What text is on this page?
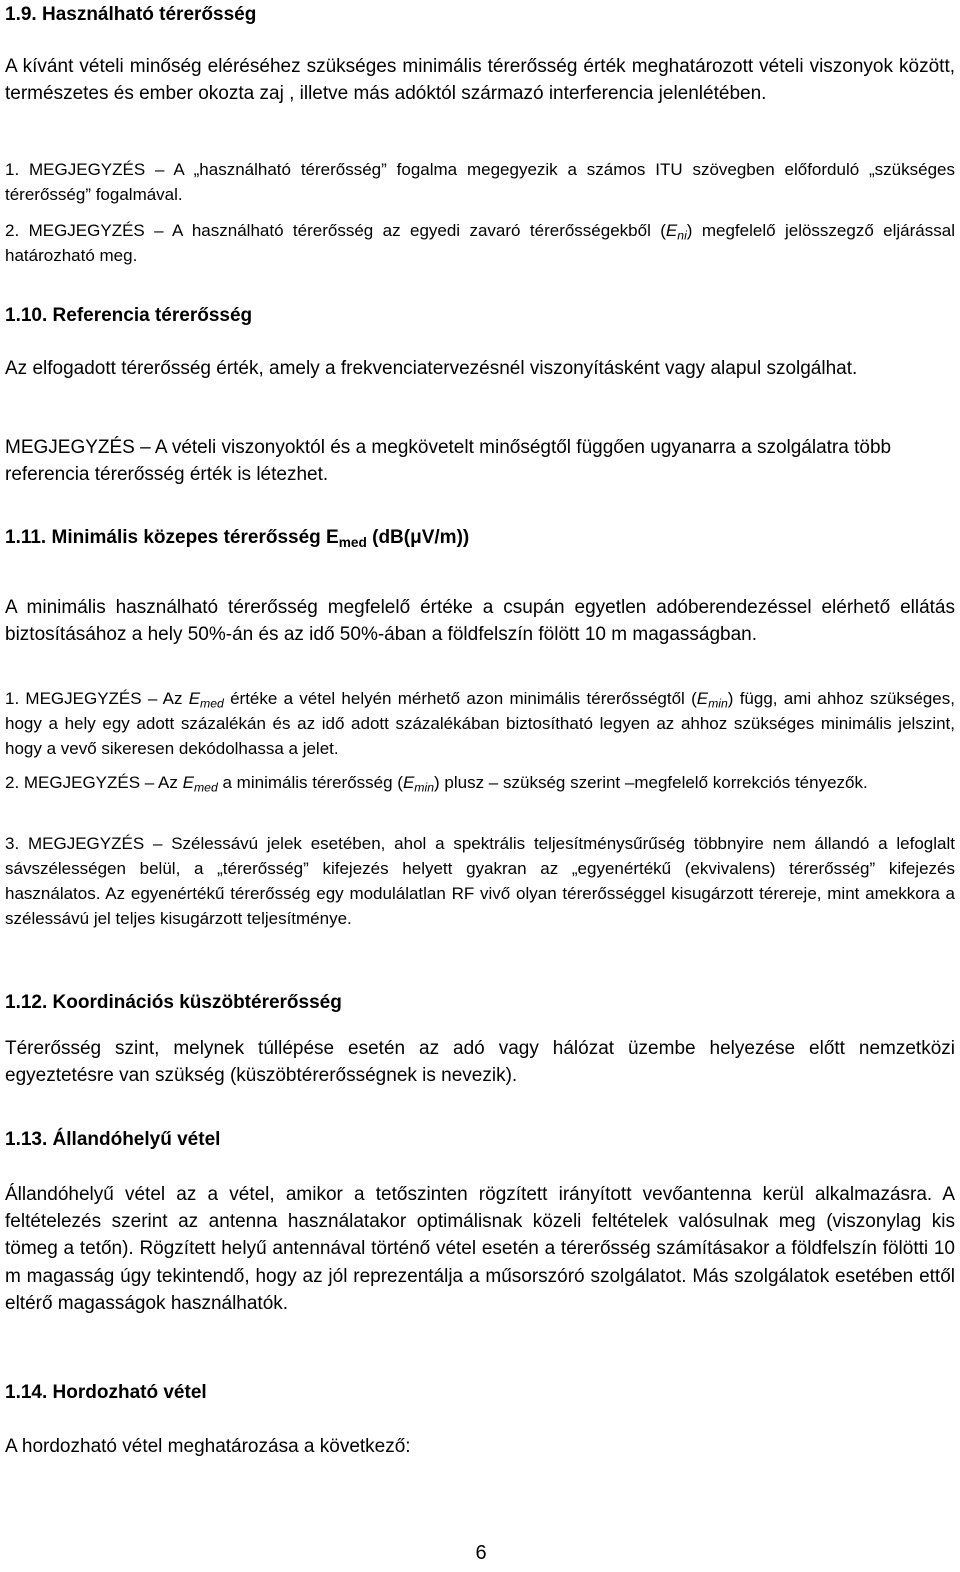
1.9. Használható térerősség

A kívánt vételi minőség eléréséhez szükséges minimális térerősség érték meghatározott vételi viszonyok között, természetes és ember okozta zaj , illetve más adóktól származó interferencia jelenlétében.

1. MEGJEGYZÉS – A „használható térerősség” fogalma megegyezik a számos ITU szövegben előforduló „szükséges térerősség” fogalmával.

2. MEGJEGYZÉS – A használható térerősség az egyedi zavaró térerősségekből $(E_{ni})$ megfelelő jelösszegző eljárással határozható meg.

1.10. Referencia térerősség

Az elfogadott térerősség érték, amely a frekvenciatervezésnél viszonyításként vagy alapul szolgálhat.

MEGJEGYZÉS – A vételi viszonyoktól és a megkövetelt minőségtől függően ugyanarra a szolgálatra több referencia térerősség érték is létezhet.

1.11. Minimális közepes térerősség $E_{med}$ (dB(μV/m))

A minimális használható térerősség megfelelő értéke a csupán egyetlen adóberendezéssel elérhető ellátás biztosításához a hely 50%-án és az idő 50%-ában a földfelszín fölött 10 m magasságban.

1. MEGJEGYZÉS – Az $E_{med}$ értéke a vétel helyén mérhető azon minimális térerősségtől $(E_{min})$ függ, ami ahhoz szükséges, hogy a hely egy adott százalékán és az idő adott százalékában biztosítható legyen az ahhoz szükséges minimális jelszint, hogy a vevő sikeresen dekódolhassa a jelet.

2. MEGJEGYZÉS – Az $E_{med}$ a minimális térerősség $(E_{min})$ plusz – szükség szerint –megfelelő korrekciós tényezők.

3. MEGJEGYZÉS – Szélessávú jelek esetében, ahol a spektrális teljesítménysűrűség többnyire nem állandó a lefoglalt sávszélességen belül, a „térerősség” kifejezés helyett gyakran az „egyenértékű (ekvivalens) térerősség” kifejezés használatos. Az egyenértékű térerősség egy modulálatlan RF vivő olyan térerősséggel kisugárzott térereje, mint amekkora a szélessávú jel teljes kisugárzott teljesítménye.

1.12. Koordinációs küszöbtérerősség

Térerősség szint, melynek túllépése esetén az adó vagy hálózat üzembe helyezése előtt nemzetközi egyeztetésre van szükség (küszöbtérerősségnek is nevezik).

1.13. Állandóhelyű vétel

Állandóhelyű vétel az a vétel, amikor a tetőszinten rögzített irányított vevőantenna kerül alkalmazásra. A feltételezés szerint az antenna használatakor optimálisnak közeli feltételek valósulnak meg (viszonylag kis tömeg a tetőn). Rögzített helyű antennával történő vétel esetén a térerősség számításakor a földfelszín fölötti 10 m magasság úgy tekintendő, hogy az jól reprezentálja a műsorszóró szolgálatot. Más szolgálatok esetében ettől eltérő magasságok használhatók.

1.14. Hordozható vétel

A hordozható vétel meghatározása a következő:

6
